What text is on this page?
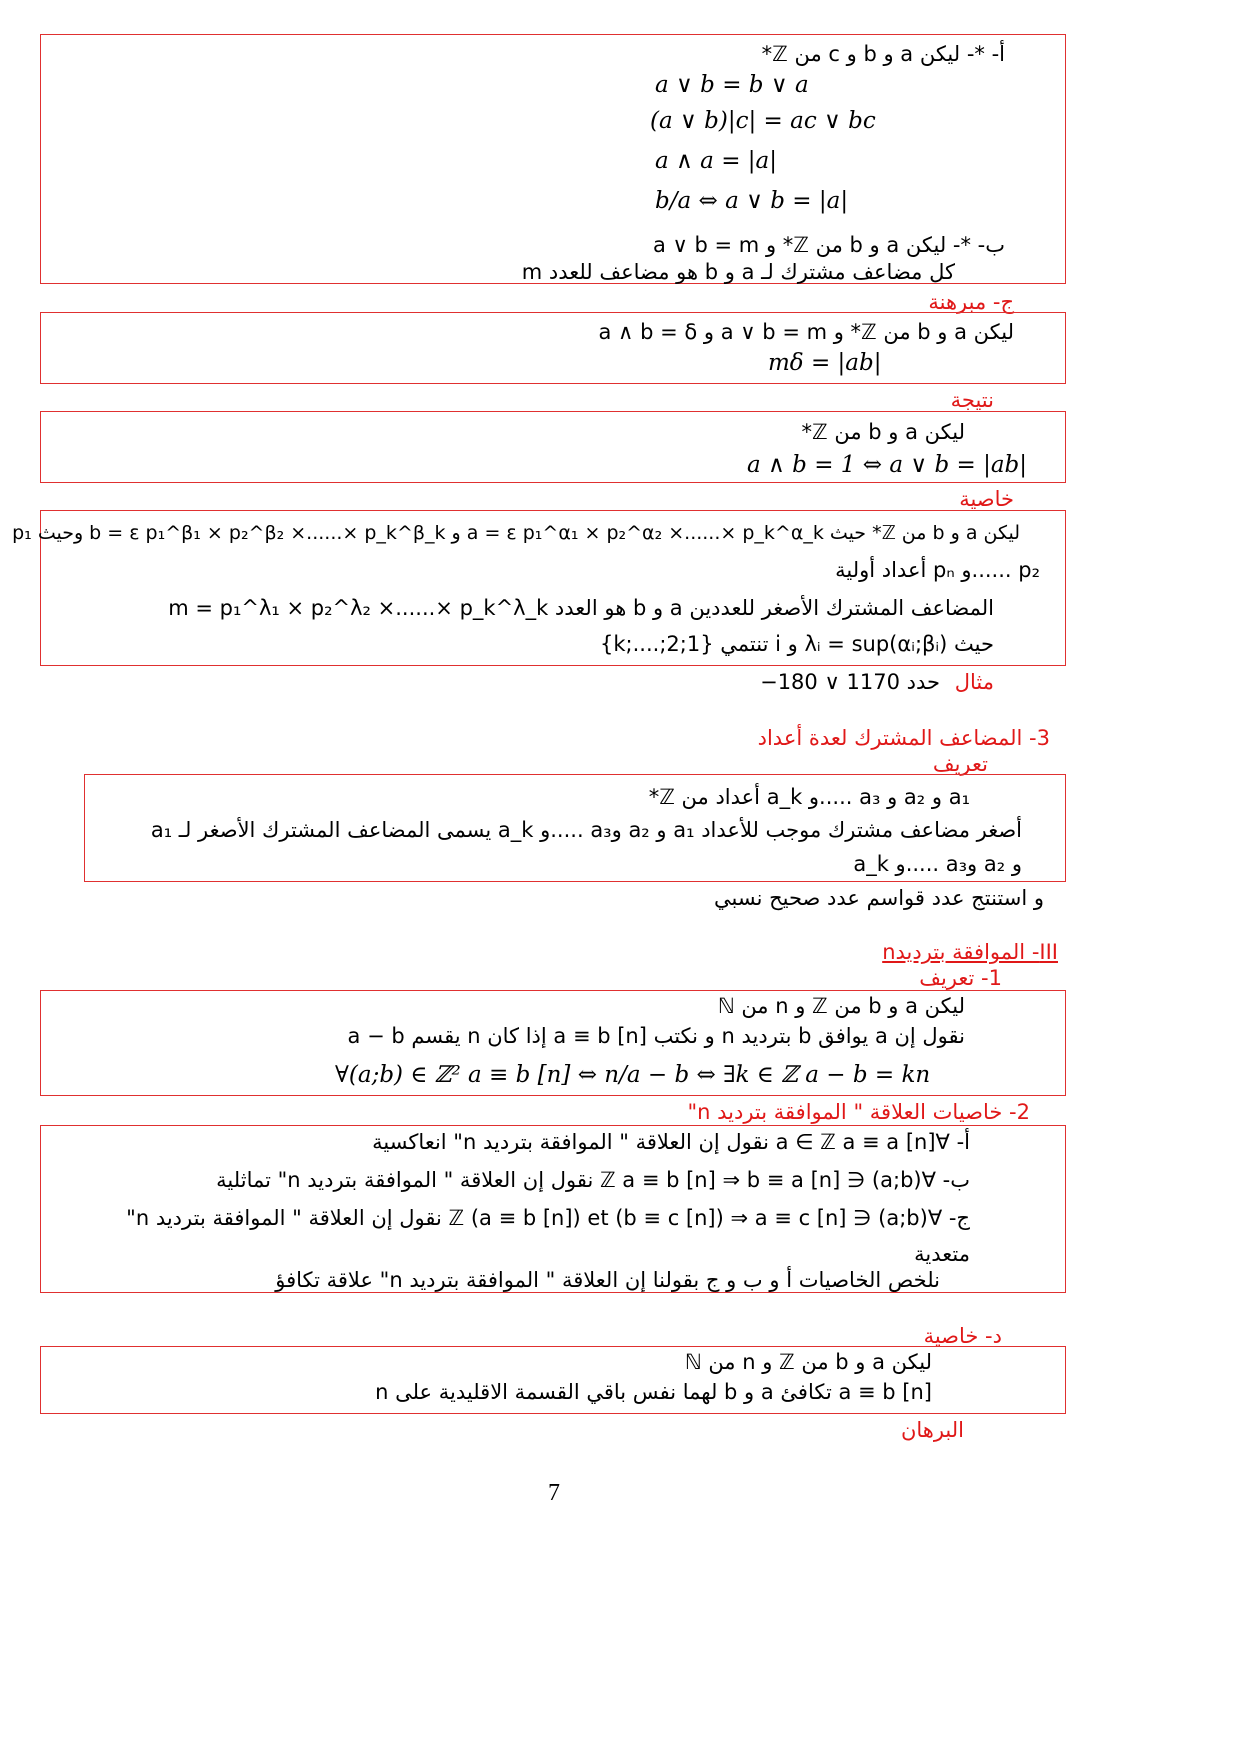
أ- *- ليكن a و b و c من ℤ*
a ∨ b = b ∨ a
(a ∨ b)|c| = ac ∨ bc
a ∧ a = |a|
b/a ⇔ a ∨ b = |a|
ب- *- ليكن a و b من ℤ* و a ∨ b = m
كل مضاعف مشترك لـ a و b هو مضاعف للعدد m
ج- مبرهنة
ليكن a و b من ℤ* و a ∨ b = m و a ∧ b = δ
mδ = |ab|
نتيجة
ليكن a و b من ℤ*
a ∧ b = 1 ⇔ a ∨ b = |ab|
خاصية
ليكن a و b من ℤ* حيث a = ε p₁^α₁ × p₂^α₂ ×......× p_k^α_k و b = ε p₁^β₁ × p₂^β₂ ×......× p_k^β_k وحيث p₁
p₂ ......و pₙ أعداد أولية
المضاعف المشترك الأصغر للعددين a و b هو العدد m = p₁^λ₁ × p₂^λ₂ ×......× p_k^λ_k
حيث λᵢ = sup(αᵢ;βᵢ) و i تنتمي {1;2;....;k}
مثال
حدد 1170 ∨ 180−
3- المضاعف المشترك لعدة أعداد
تعريف
a₁ و a₂ و a₃ .....و a_k أعداد من ℤ*
أصغر مضاعف مشترك موجب للأعداد a₁ و a₂ وa₃ .....و a_k يسمى المضاعف المشترك الأصغر لـ a₁
و a₂ وa₃ .....و a_k
و استنتج عدد قواسم عدد صحيح نسبي
III- الموافقة بترديدn
1- تعريف
ليكن a و b من ℤ و n من ℕ
نقول إن a يوافق b بترديد n و نكتب a ≡ b [n] إذا كان n يقسم a − b
∀(a;b) ∈ ℤ² a ≡ b [n] ⇔ n/a − b ⇔ ∃k ∈ ℤ a − b = kn
2- خاصيات العلاقة " الموافقة بترديد n"
أ- ∀a ∈ ℤ a ≡ a [n] نقول إن العلاقة " الموافقة بترديد n" انعاكسية
ب- ∀(a;b) ∈ ℤ a ≡ b [n] ⇒ b ≡ a [n] نقول إن العلاقة " الموافقة بترديد n" تماثلية
ج- ∀(a;b) ∈ ℤ (a ≡ b [n]) et (b ≡ c [n]) ⇒ a ≡ c [n] نقول إن العلاقة " الموافقة بترديد n"
متعدية
نلخص الخاصيات أ و ب و ج بقولنا إن العلاقة " الموافقة بترديد n" علاقة تكافؤ
د- خاصية
ليكن a و b من ℤ و n من ℕ
a ≡ b [n] تكافئ a و b لهما نفس باقي القسمة الاقليدية على n
البرهان
7
